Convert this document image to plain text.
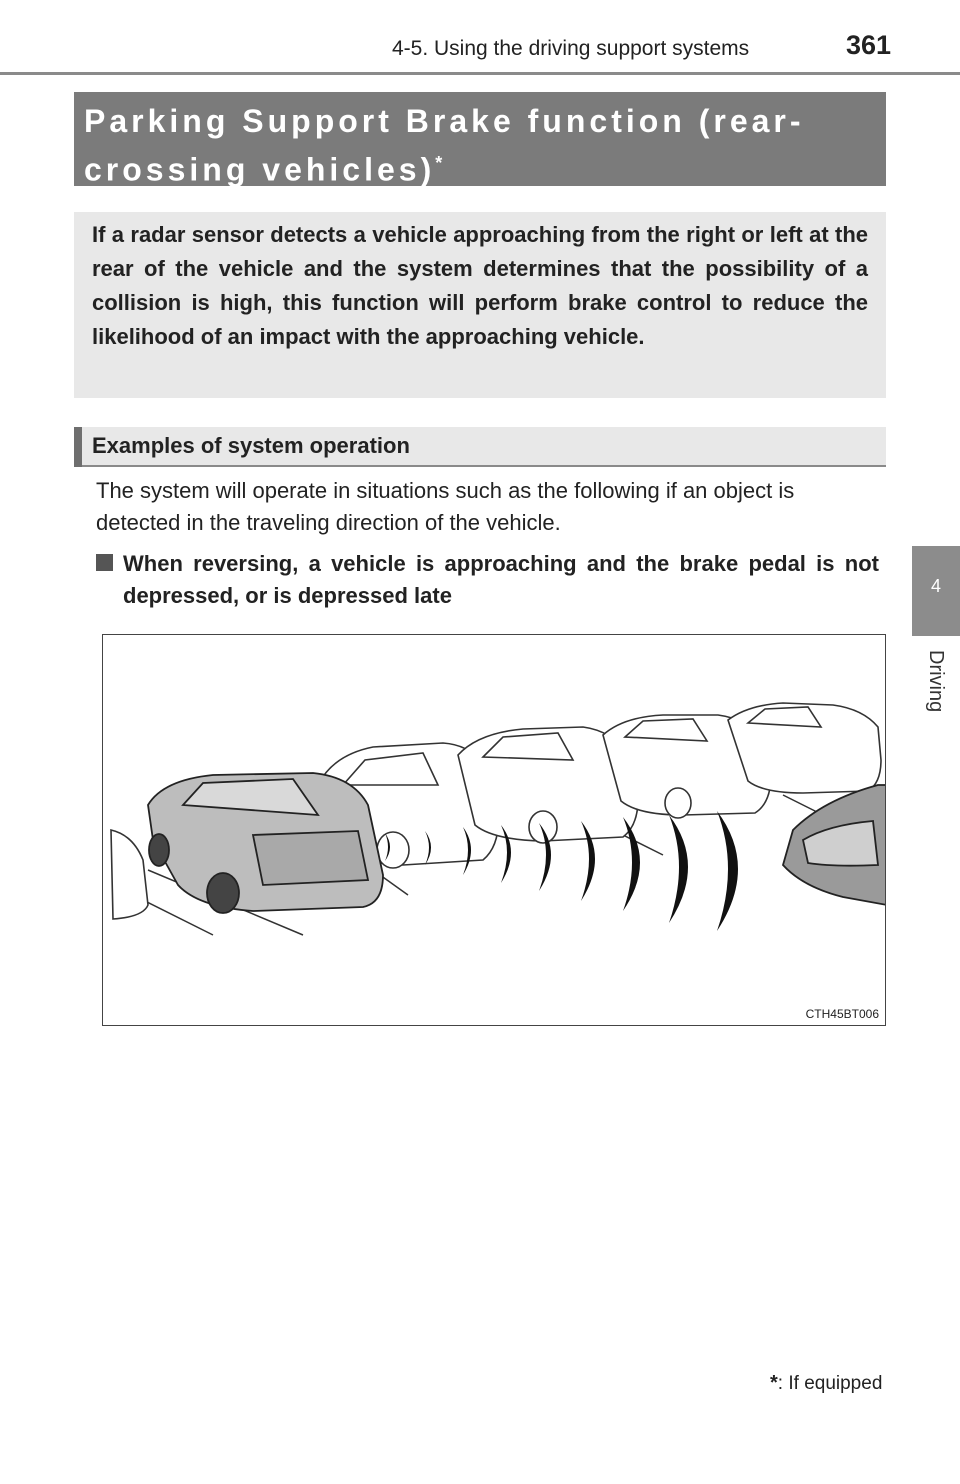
4-5. Using the driving support systems	361
4
Driving
Parking Support Brake function (rear-crossing vehicles)*
If a radar sensor detects a vehicle approaching from the right or left at the rear of the vehicle and the system determines that the possibility of a collision is high, this function will perform brake control to reduce the likelihood of an impact with the approaching vehicle.
Examples of system operation
The system will operate in situations such as the following if an object is detected in the traveling direction of the vehicle.
When reversing, a vehicle is approaching and the brake pedal is not depressed, or is depressed late
CTH45BT006
*: If equipped
